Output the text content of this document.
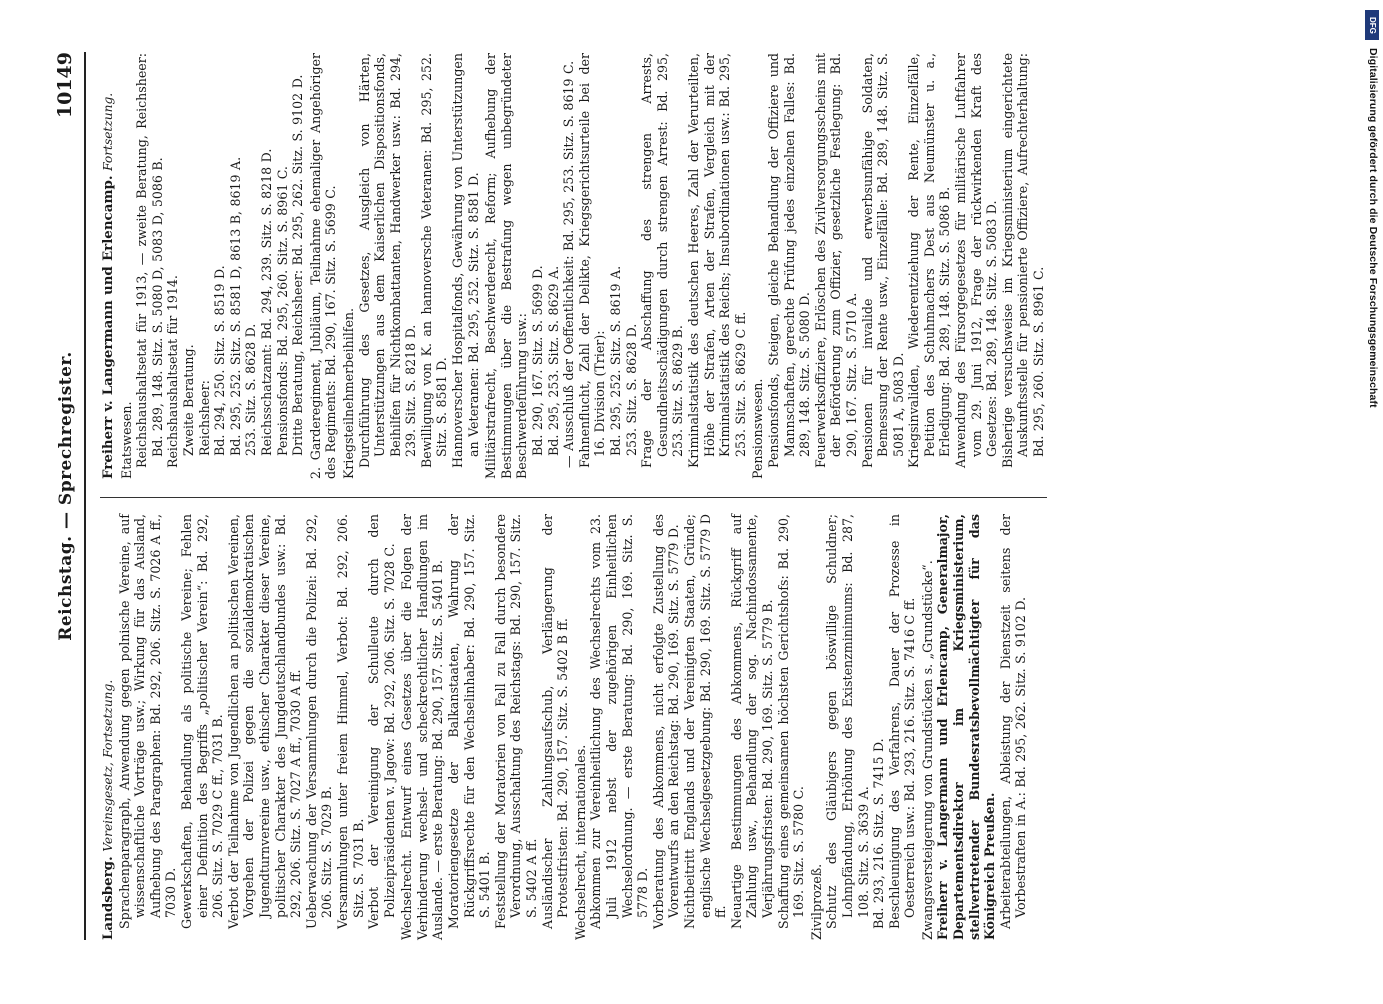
Reichstag. — Sprechregister.
10149
Landsberg. Vereinsgesetz, Fortsetzung. Sprachenparagraph, Anwendung gegen polnische Vereine, auf wissenschaftliche Vorträge usw.; Wirkung für das Ausland, Aufhebung des Paragraphen: Bd. 292, 206. Sitz. S. 7026 A ff., 7030 D. Gewerkschaften, Behandlung als politische Vereine; Fehlen einer Definition des Begriffs „politischer Verein“: Bd. 292, 206. Sitz. S. 7029 C ff., 7031 B. Verbot der Teilnahme von Jugendlichen an politischen Vereinen, Vorgehen der Polizei gegen die sozialdemokratischen Jugendturnvereine usw., ethischer Charakter dieser Vereine, politischer Charakter des Jungdeutschlandbundes usw.: Bd. 292, 206. Sitz. S. 7027 A ff., 7030 A ff. Ueberwachung der Versammlungen durch die Polizei: Bd. 292, 206. Sitz. S. 7029 B. Versammlungen unter freiem Himmel, Verbot: Bd. 292, 206. Sitz. S. 7031 B. Verbot der Vereinigung der Schulleute durch den Polizeipräsidenten v. Jagow: Bd. 292, 206. Sitz. S. 7028 C. Wechselrecht. Entwurf eines Gesetzes über die Folgen der Verhinderung wechsel- und scheckrechtlicher Handlungen im Auslande. — erste Beratung: Bd. 290, 157. Sitz. S. 5401 B. Moratoriengesetze der Balkanstaaten, Wahrung der Rückgriffsrechte für den Wechselinhaber: Bd. 290, 157. Sitz. S. 5401 B. Feststellung der Moratorien von Fall zu Fall durch besondere Verordnung, Ausschaltung des Reichstags: Bd. 290, 157. Sitz. S. 5402 A ff. Ausländischer Zahlungsaufschub, Verlängerung der Protestfristen: Bd. 290, 157. Sitz. S. 5402 B ff. Wechselrecht, internationales. Abkommen zur Vereinheitlichung des Wechselrechts vom 23. Juli 1912 nebst der zugehörigen Einheitlichen Wechselordnung. — erste Beratung: Bd. 290, 169. Sitz. S. 5778 D. Vorberatung des Abkommens, nicht erfolgte Zustellung des Vorentwurfs an den Reichstag: Bd. 290, 169. Sitz. S. 5779 D. Nichtbeitritt Englands und der Vereinigten Staaten, Gründe; englische Wechselgesetzgebung: Bd. 290, 169. Sitz. S. 5779 D ff. Neuartige Bestimmungen des Abkommens, Rückgriff auf Zahlung usw., Behandlung der sog. Nachindossamente, Verjährungsfristen: Bd. 290, 169. Sitz. S. 5779 B. Schaffung eines gemeinsamen höchsten Gerichtshofs: Bd. 290, 169. Sitz. S. 5780 C. Zivilprozeß. Schutz des Gläubigers gegen böswillige Schuldner; Lohnpfändung, Erhöhung des Existenzminimums: Bd. 287, 108. Sitz. S. 3639 A. Bd. 293, 216. Sitz. S. 7415 D. Beschleunigung des Verfahrens, Dauer der Prozesse in Oesterreich usw.: Bd. 293, 216. Sitz. S. 7416 C ff. Zwangsversteigerung von Grundstücken s. „Grundstücke“. Freiherr v. Langermann und Erlencamp, Generalmajor, Departementsdirektor im Kriegsministerium, stellvertretender Bundesratsbevollmächtigter für das Königreich Preußen. Arbeiterabteilungen, Ableistung der Dienstzeit seitens der Vorbestraften in A.: Bd. 295, 262. Sitz. S. 9102 D.
Freiherr v. Langermann und Erlencamp. Fortsetzung.
Etatswesen. Reichshaushaltsetat für 1913, — zweite Beratung, Reichsheer: Bd. 289, 148. Sitz. S. 5080 D, 5083 D, 5086 B. Reichshaushaltsetat für 1914. Zweite Beratung. Reichsheer: Bd. 294, 250. Sitz. S. 8519 D. Bd. 295, 252. Sitz. S. 8581 D, 8613 B, 8619 A. 253. Sitz. S. 8628 D. Reichsschatzamt: Bd. 294, 239. Sitz. S. 8218 D. Pensionsfonds: Bd. 295, 260. Sitz. S. 8961 C. Dritte Beratung, Reichsheer: Bd. 295, 262. Sitz. S. 9102 D. 2. Garderegiment, Jubiläum, Teilnahme ehemaliger Angehöriger des Regiments: Bd. 290, 167. Sitz. S. 5699 C. Kriegsteilnehmerbeihilfen. Durchführung des Gesetzes, Ausgleich von Härten, Unterstützungen aus dem Kaiserlichen Dispositionsfonds, Beihilfen für Nichtkombattanten, Handwerker usw.: Bd. 294, 239. Sitz. S. 8218 D. Bewilligung von K. an hannoversche Veteranen: Bd. 295, 252. Sitz. S. 8581 D. Hannoverscher Hospitalfonds, Gewährung von Unterstützungen an Veteranen: Bd. 295, 252. Sitz. S. 8581 D. Militärstrafrecht, Beschwerderecht, Reform; Aufhebung der Bestimmungen über die Bestrafung wegen unbegründeter Beschwerdeführung usw.: Bd. 290, 167. Sitz. S. 5699 D. Bd. 295, 253. Sitz. S. 8629 A. — Ausschluß der Oeffentlichkeit: Bd. 295, 253. Sitz. S. 8619 C. Fahnenflucht, Zahl der Delikte, Kriegsgerichtsurteile bei der 16. Division (Trier): Bd. 295, 252. Sitz. S. 8619 A. 253. Sitz. S. 8628 D. Frage der Abschaffung des strengen Arrests, Gesundheitsschädigungen durch strengen Arrest: Bd. 295, 253. Sitz. S. 8629 B. Kriminalstatistik des deutschen Heeres, Zahl der Verurteilten, Höhe der Strafen, Arten der Strafen, Vergleich mit der Kriminalstatistik des Reichs; Insubordinationen usw.: Bd. 295, 253. Sitz. S. 8629 C ff. Pensionswesen. Pensionsfonds, Steigen, gleiche Behandlung der Offiziere und Mannschaften, gerechte Prüfung jedes einzelnen Falles: Bd. 289, 148. Sitz. S. 5080 D. Feuerwerksoffiziere, Erlöschen des Zivilversorgungsscheins mit der Beförderung zum Offizier, gesetzliche Festlegung: Bd. 290, 167. Sitz. S. 5710 A. Pensionen für invalide und erwerbsunfähige Soldaten, Bemessung der Rente usw., Einzelfälle: Bd. 289, 148. Sitz. S. 5081 A, 5083 D. Kriegsinvaliden, Wiederentziehung der Rente, Einzelfälle, Petition des Schuhmachers Dest aus Neumünster u. a., Erledigung: Bd. 289, 148. Sitz. S. 5086 B. Anwendung des Fürsorgegesetzes für militärische Luftfahrer vom 29. Juni 1912, Frage der rückwirkenden Kraft des Gesetzes: Bd. 289, 148. Sitz. S. 5083 D. Bisherige versuchsweise im Kriegsministerium eingerichtete Auskunftsstelle für pensionierte Offiziere, Aufrechterhaltung: Bd. 295, 260. Sitz. S. 8961 C.
DFG
Digitalisierung gefördert durch die Deutsche Forschungsgemeinschaft
